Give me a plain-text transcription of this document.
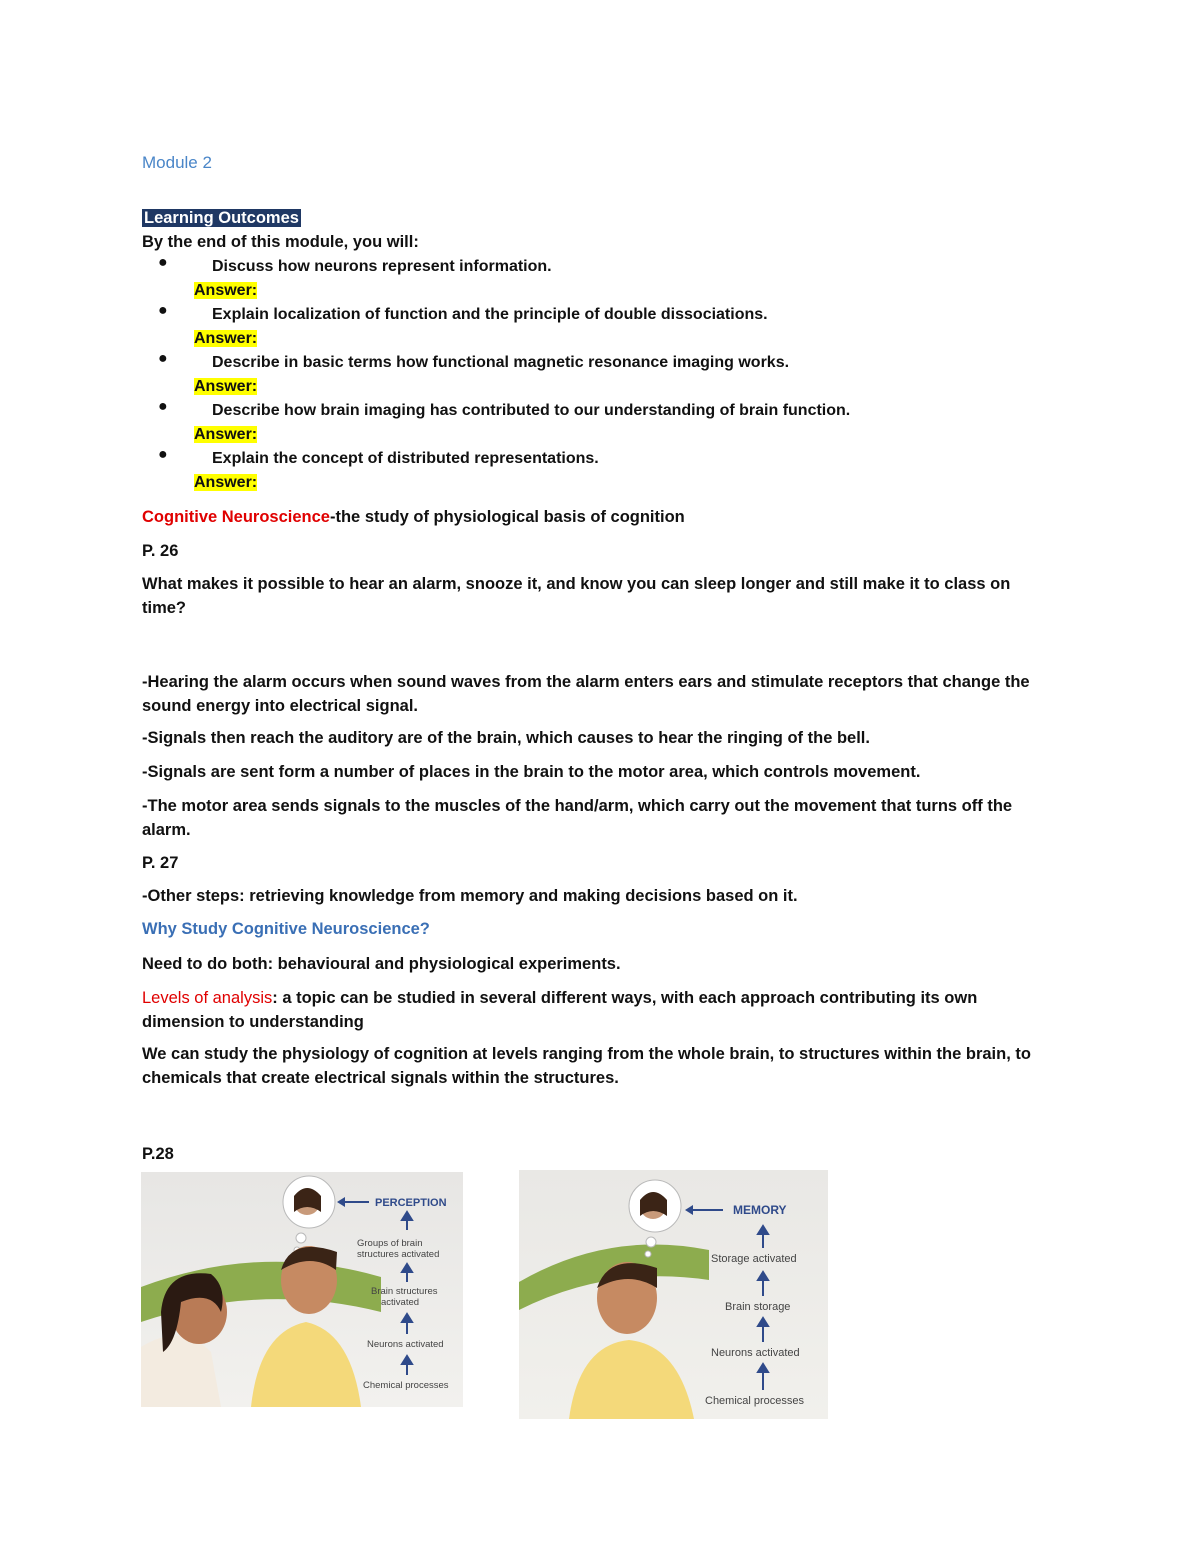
Module 2
Learning Outcomes
By the end of this module, you will:
●	Discuss how neurons represent information.
Answer:
●	Explain localization of function and the principle of double dissociations.
Answer:
●	Describe in basic terms how functional magnetic resonance imaging works.
Answer:
●	Describe how brain imaging has contributed to our understanding of brain function.
Answer:
●	Explain the concept of distributed representations.
Answer:
Cognitive Neuroscience-the study of physiological basis of cognition
P. 26
What makes it possible to hear an alarm, snooze it, and know you can sleep longer and still make it to class on time?
-Hearing the alarm occurs when sound waves from the alarm enters ears and stimulate receptors that change the sound energy into electrical signal.
-Signals then reach the auditory are of the brain, which causes to hear the ringing of the bell.
-Signals are sent form a number of places in the brain to the motor area, which controls movement.
-The motor area sends signals to the muscles of the hand/arm, which carry out the movement that turns off the alarm.
P. 27
-Other steps: retrieving knowledge from memory and making decisions based on it.
Why Study Cognitive Neuroscience?
Need to do both: behavioural and physiological experiments.
Levels of analysis: a topic can be studied in several different ways, with each approach contributing its own dimension to understanding
We can study the physiology of cognition at levels ranging from the whole brain, to structures within the brain, to chemicals that create electrical signals within the structures.
P.28
PERCEPTION
Groups of brain structures activated
Brain structures activated
Neurons activated
Chemical processes
MEMORY
Storage activated
Brain storage
Neurons activated
Chemical processes
